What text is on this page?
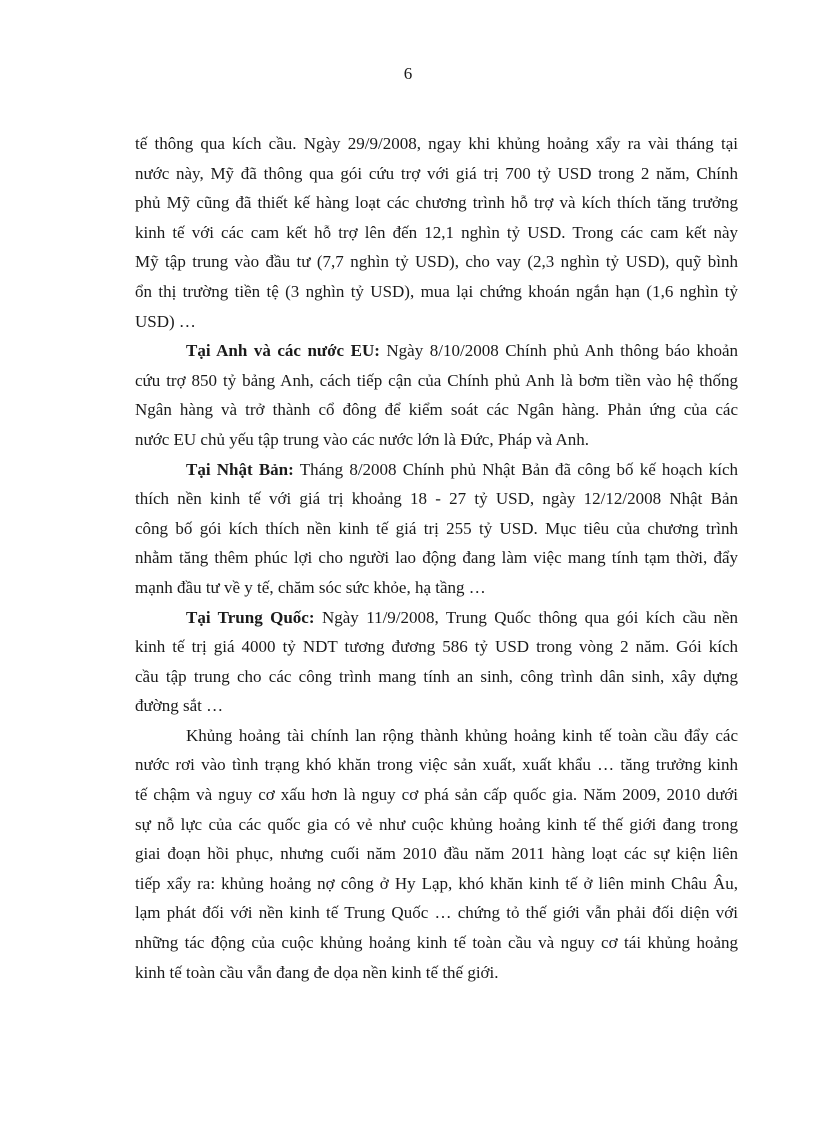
6

tế thông qua kích cầu. Ngày 29/9/2008, ngay khi khủng hoảng xẩy ra vài tháng tại
nước này, Mỹ đã thông qua gói cứu trợ với giá trị 700 tỷ USD trong 2 năm, Chính
phủ Mỹ cũng đã thiết kế hàng loạt các chương trình hỗ trợ và kích thích tăng trưởng
kinh tế với các cam kết hỗ trợ lên đến 12,1 nghìn tỷ USD. Trong các cam kết này
Mỹ tập trung vào đầu tư (7,7 nghìn tỷ USD), cho vay (2,3 nghìn tỷ USD), quỹ bình
ổn thị trường tiền tệ (3 nghìn tỷ USD), mua lại chứng khoán ngắn hạn (1,6 nghìn tỷ
USD) …

Tại Anh và các nước EU: Ngày 8/10/2008 Chính phủ Anh thông báo khoản
cứu trợ 850 tỷ bảng Anh, cách tiếp cận của Chính phủ Anh là bơm tiền vào hệ thống
Ngân hàng và trở thành cổ đông để kiểm soát các Ngân hàng. Phản ứng của các
nước EU chủ yếu tập trung vào các nước lớn là Đức, Pháp và Anh.

Tại Nhật Bản: Tháng 8/2008 Chính phủ Nhật Bản đã công bố kế hoạch kích
thích nền kinh tế với giá trị khoảng 18 - 27 tỷ USD, ngày 12/12/2008 Nhật Bản
công bố gói kích thích nền kinh tế giá trị 255 tỷ USD. Mục tiêu của chương trình
nhằm tăng thêm phúc lợi cho người lao động đang làm việc mang tính tạm thời, đẩy
mạnh đầu tư về y tế, chăm sóc sức khỏe, hạ tầng …

Tại Trung Quốc: Ngày 11/9/2008, Trung Quốc thông qua gói kích cầu nền
kinh tế trị giá 4000 tỷ NDT tương đương 586 tỷ USD trong vòng 2 năm. Gói kích
cầu tập trung cho các công trình mang tính an sinh, công trình dân sinh, xây dựng
đường sắt …

Khủng hoảng tài chính lan rộng thành khủng hoảng kinh tế toàn cầu đẩy các
nước rơi vào tình trạng khó khăn trong việc sản xuất, xuất khẩu … tăng trưởng kinh
tế chậm và nguy cơ xấu hơn là nguy cơ phá sản cấp quốc gia. Năm 2009, 2010 dưới
sự nỗ lực của các quốc gia có vẻ như cuộc khủng hoảng kinh tế thế giới đang trong
giai đoạn hồi phục, nhưng cuối năm 2010 đầu năm 2011 hàng loạt các sự kiện liên
tiếp xẩy ra: khủng hoảng nợ công ở Hy Lạp, khó khăn kinh tế ở liên minh Châu Âu,
lạm phát đối với nền kinh tế Trung Quốc … chứng tỏ thế giới vẫn phải đối diện với
những tác động của cuộc khủng hoảng kinh tế toàn cầu và nguy cơ tái khủng hoảng
kinh tế toàn cầu vẫn đang đe dọa nền kinh tế thế giới.
